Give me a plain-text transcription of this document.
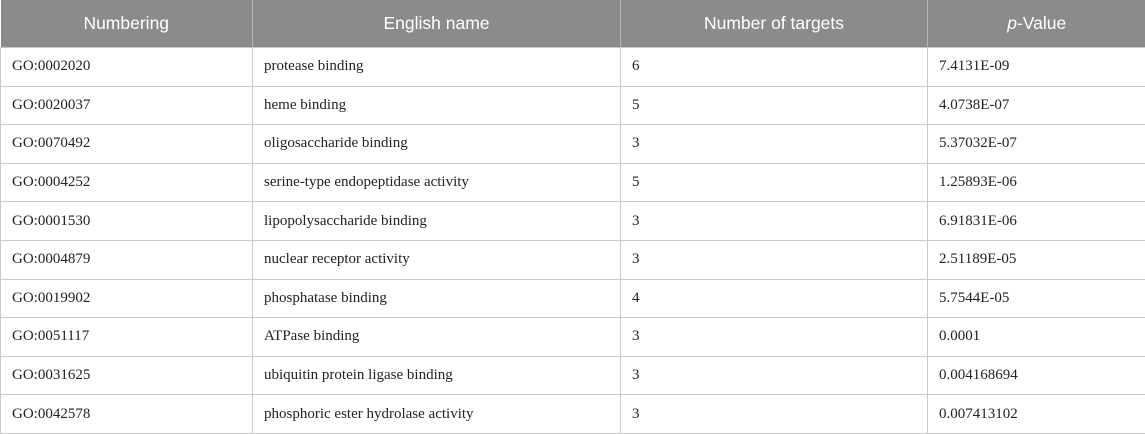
Numbering	English name	Number of targets	p-Value
GO:0002020	protease binding	6	7.4131E-09
GO:0020037	heme binding	5	4.0738E-07
GO:0070492	oligosaccharide binding	3	5.37032E-07
GO:0004252	serine-type endopeptidase activity	5	1.25893E-06
GO:0001530	lipopolysaccharide binding	3	6.91831E-06
GO:0004879	nuclear receptor activity	3	2.51189E-05
GO:0019902	phosphatase binding	4	5.7544E-05
GO:0051117	ATPase binding	3	0.0001
GO:0031625	ubiquitin protein ligase binding	3	0.004168694
GO:0042578	phosphoric ester hydrolase activity	3	0.007413102
